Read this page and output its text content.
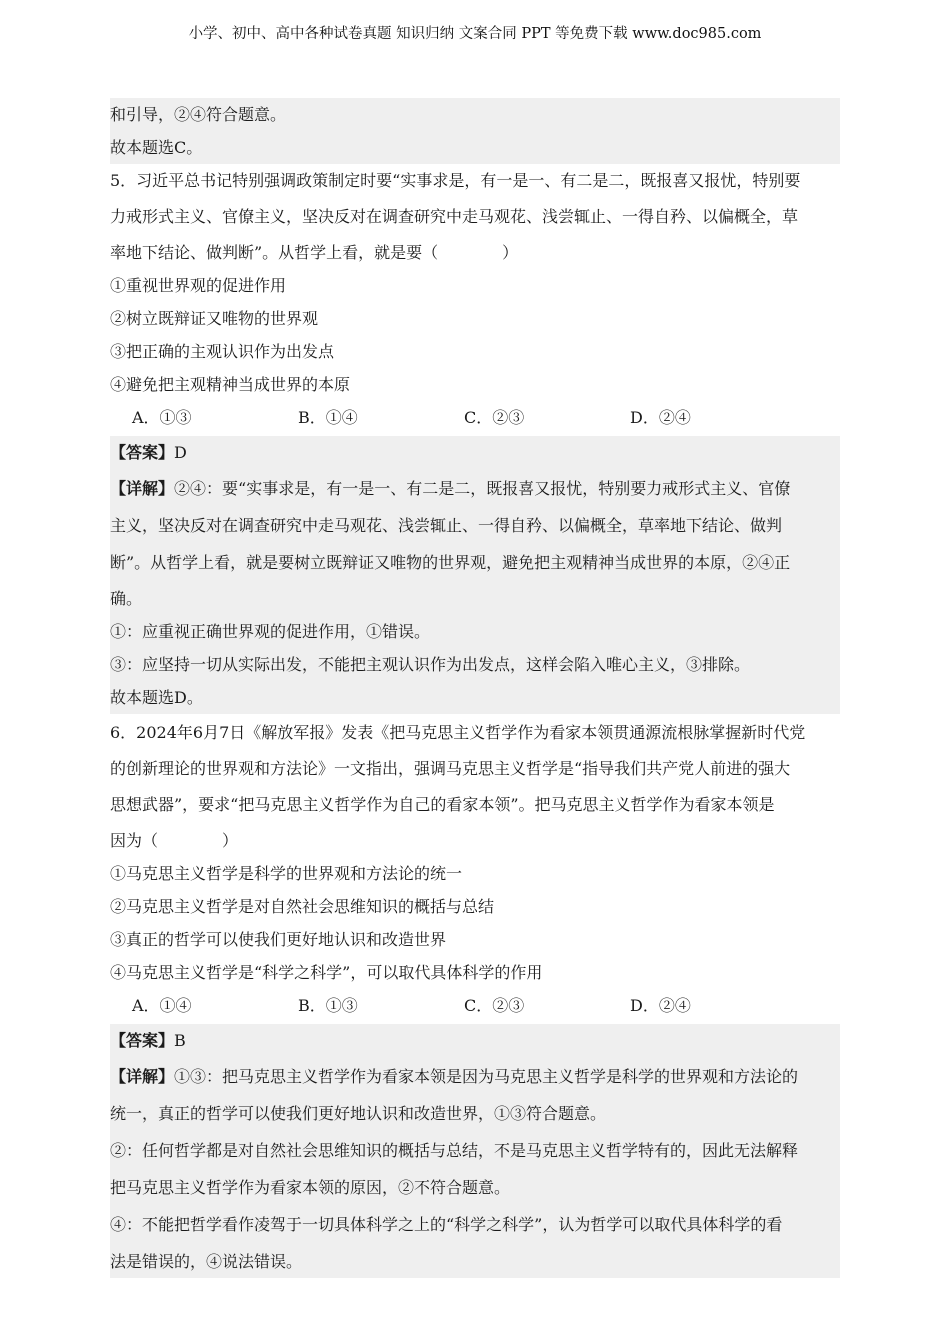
小学、初中、高中各种试卷真题 知识归纳 文案合同 PPT 等免费下载 www.doc985.com
和引导，②④符合题意。
故本题选C。
5．习近平总书记特别强调政策制定时要“实事求是，有一是一、有二是二，既报喜又报忧，特别要
力戒形式主义、官僚主义，坚决反对在调查研究中走马观花、浅尝辄止、一得自矜、以偏概全，草
率地下结论、做判断”。从哲学上看，就是要（　　　　）
①重视世界观的促进作用
②树立既辩证又唯物的世界观
③把正确的主观认识作为出发点
④避免把主观精神当成世界的本原
A．①③	B．①④	C．②③	D．②④
【答案】D
【详解】②④：要“实事求是，有一是一、有二是二，既报喜又报忧，特别要力戒形式主义、官僚
主义，坚决反对在调查研究中走马观花、浅尝辄止、一得自矜、以偏概全，草率地下结论、做判
断”。从哲学上看，就是要树立既辩证又唯物的世界观，避免把主观精神当成世界的本原，②④正
确。
①：应重视正确世界观的促进作用，①错误。
③：应坚持一切从实际出发，不能把主观认识作为出发点，这样会陷入唯心主义，③排除。
故本题选D。
6．2024年6月7日《解放军报》发表《把马克思主义哲学作为看家本领贯通源流根脉掌握新时代党
的创新理论的世界观和方法论》一文指出，强调马克思主义哲学是“指导我们共产党人前进的强大
思想武器”，要求“把马克思主义哲学作为自己的看家本领”。把马克思主义哲学作为看家本领是
因为（　　　　）
①马克思主义哲学是科学的世界观和方法论的统一
②马克思主义哲学是对自然社会思维知识的概括与总结
③真正的哲学可以使我们更好地认识和改造世界
④马克思主义哲学是“科学之科学”，可以取代具体科学的作用
A．①④	B．①③	C．②③	D．②④
【答案】B
【详解】①③：把马克思主义哲学作为看家本领是因为马克思主义哲学是科学的世界观和方法论的
统一，真正的哲学可以使我们更好地认识和改造世界，①③符合题意。
②：任何哲学都是对自然社会思维知识的概括与总结，不是马克思主义哲学特有的，因此无法解释
把马克思主义哲学作为看家本领的原因，②不符合题意。
④：不能把哲学看作凌驾于一切具体科学之上的“科学之科学”，认为哲学可以取代具体科学的看
法是错误的，④说法错误。
